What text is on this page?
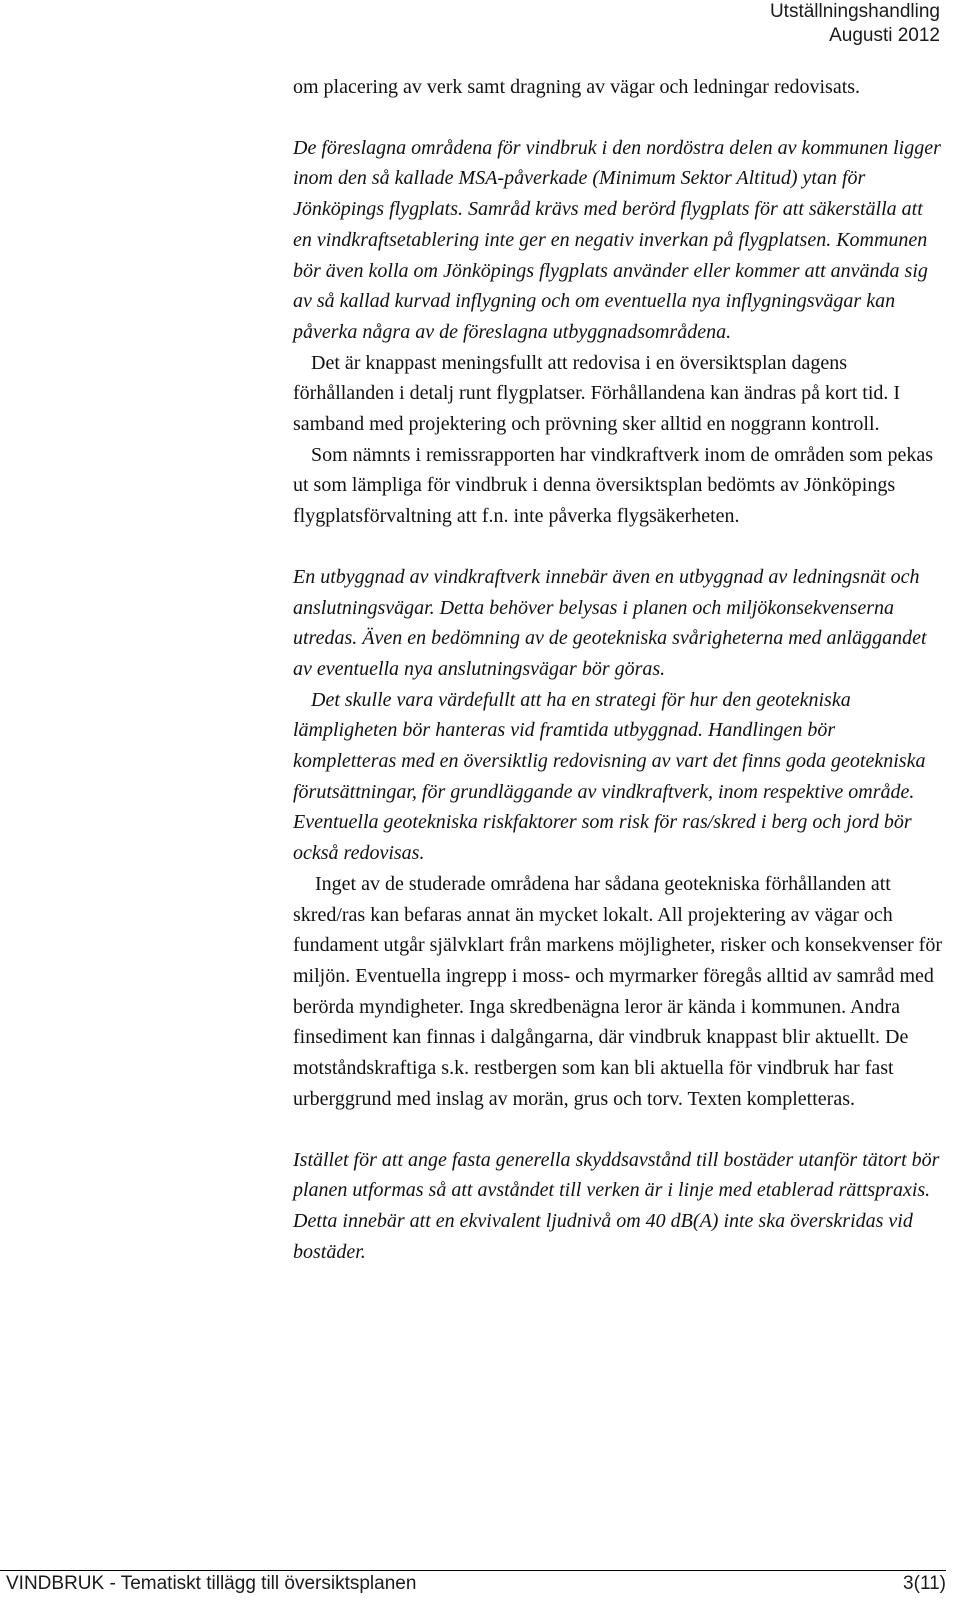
Utställningshandling
Augusti 2012

om placering av verk samt dragning av vägar och ledningar redovisats.

De föreslagna områdena för vindbruk i den nordöstra delen av kommunen ligger inom den så kallade MSA-påverkade (Minimum Sektor Altitud) ytan för Jönköpings flygplats. Samråd krävs med berörd flygplats för att säkerställa att en vindkraftsetablering inte ger en negativ inverkan på flygplatsen. Kommunen bör även kolla om Jönköpings flygplats använder eller kommer att använda sig av så kallad kurvad inflygning och om eventuella nya inflygningsvägar kan påverka några av de föreslagna utbyggnadsområdena.

Det är knappast meningsfullt att redovisa i en översiktsplan dagens förhållanden i detalj runt flygplatser. Förhållandena kan ändras på kort tid. I samband med projektering och prövning sker alltid en noggrann kontroll.

Som nämnts i remissrapporten har vindkraftverk inom de områden som pekas ut som lämpliga för vindbruk i denna översiktsplan bedömts av Jönköpings flygplatsförvaltning att f.n. inte påverka flygsäkerheten.

En utbyggnad av vindkraftverk innebär även en utbyggnad av ledningsnät och anslutningsvägar. Detta behöver belysas i planen och miljökonsekvenserna utredas. Även en bedömning av de geotekniska svårigheterna med anläggandet av eventuella nya anslutningsvägar bör göras.

Det skulle vara värdefullt att ha en strategi för hur den geotekniska lämpligheten bör hanteras vid framtida utbyggnad. Handlingen bör kompletteras med en översiktlig redovisning av vart det finns goda geotekniska förutsättningar, för grundläggande av vindkraftverk, inom respektive område. Eventuella geotekniska riskfaktorer som risk för ras/skred i berg och jord bör också redovisas.

Inget av de studerade områdena har sådana geotekniska förhållanden att skred/ras kan befaras annat än mycket lokalt. All projektering av vägar och fundament utgår självklart från markens möjligheter, risker och konsekvenser för miljön. Eventuella ingrepp i moss- och myrmarker föregås alltid av samråd med berörda myndigheter. Inga skredbenägna leror är kända i kommunen. Andra finsediment kan finnas i dalgångarna, där vindbruk knappast blir aktuellt. De motståndskraftiga s.k. restbergen som kan bli aktuella för vindbruk har fast urberggrund med inslag av morän, grus och torv. Texten kompletteras.

Istället för att ange fasta generella skyddsavstånd till bostäder utanför tätort bör planen utformas så att avståndet till verken är i linje med etablerad rättspraxis. Detta innebär att en ekvivalent ljudnivå om 40 dB(A) inte ska överskridas vid bostäder.

VINDBRUK - Tematiskt tillägg till översiktsplanen	3(11)
